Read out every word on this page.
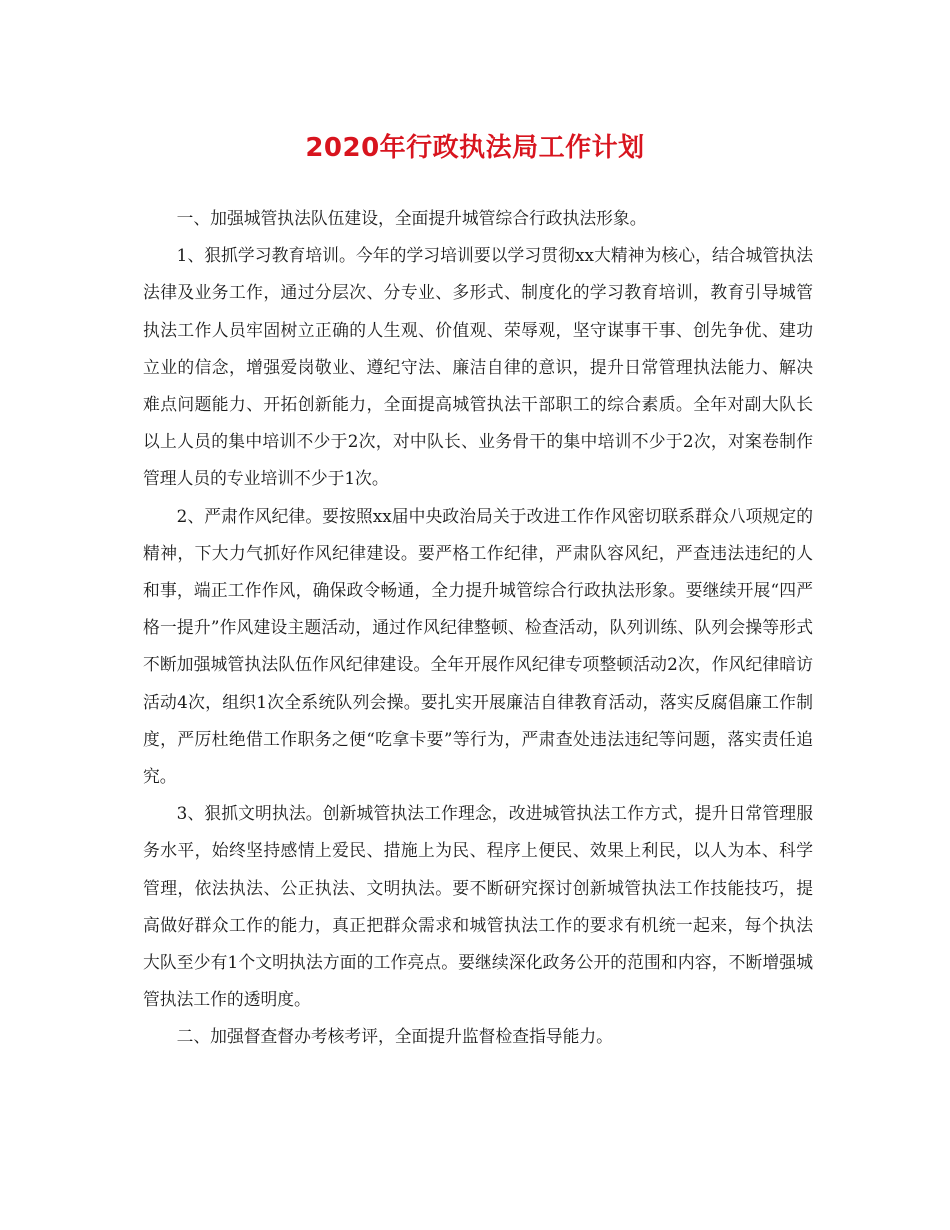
2020年行政执法局工作计划

一、加强城管执法队伍建设，全面提升城管综合行政执法形象。

1、狠抓学习教育培训。今年的学习培训要以学习贯彻xx大精神为核心，结合城管执法法律及业务工作，通过分层次、分专业、多形式、制度化的学习教育培训，教育引导城管执法工作人员牢固树立正确的人生观、价值观、荣辱观，坚守谋事干事、创先争优、建功立业的信念，增强爱岗敬业、遵纪守法、廉洁自律的意识，提升日常管理执法能力、解决难点问题能力、开拓创新能力，全面提高城管执法干部职工的综合素质。全年对副大队长以上人员的集中培训不少于2次，对中队长、业务骨干的集中培训不少于2次，对案卷制作管理人员的专业培训不少于1次。

2、严肃作风纪律。要按照xx届中央政治局关于改进工作作风密切联系群众八项规定的精神，下大力气抓好作风纪律建设。要严格工作纪律，严肃队容风纪，严查违法违纪的人和事，端正工作作风，确保政令畅通，全力提升城管综合行政执法形象。要继续开展“四严格一提升”作风建设主题活动，通过作风纪律整顿、检查活动，队列训练、队列会操等形式不断加强城管执法队伍作风纪律建设。全年开展作风纪律专项整顿活动2次，作风纪律暗访活动4次，组织1次全系统队列会操。要扎实开展廉洁自律教育活动，落实反腐倡廉工作制度，严厉杜绝借工作职务之便“吃拿卡要”等行为，严肃查处违法违纪等问题，落实责任追究。

3、狠抓文明执法。创新城管执法工作理念，改进城管执法工作方式，提升日常管理服务水平，始终坚持感情上爱民、措施上为民、程序上便民、效果上利民，以人为本、科学管理，依法执法、公正执法、文明执法。要不断研究探讨创新城管执法工作技能技巧，提高做好群众工作的能力，真正把群众需求和城管执法工作的要求有机统一起来，每个执法大队至少有1个文明执法方面的工作亮点。要继续深化政务公开的范围和内容，不断增强城管执法工作的透明度。

二、加强督查督办考核考评，全面提升监督检查指导能力。
